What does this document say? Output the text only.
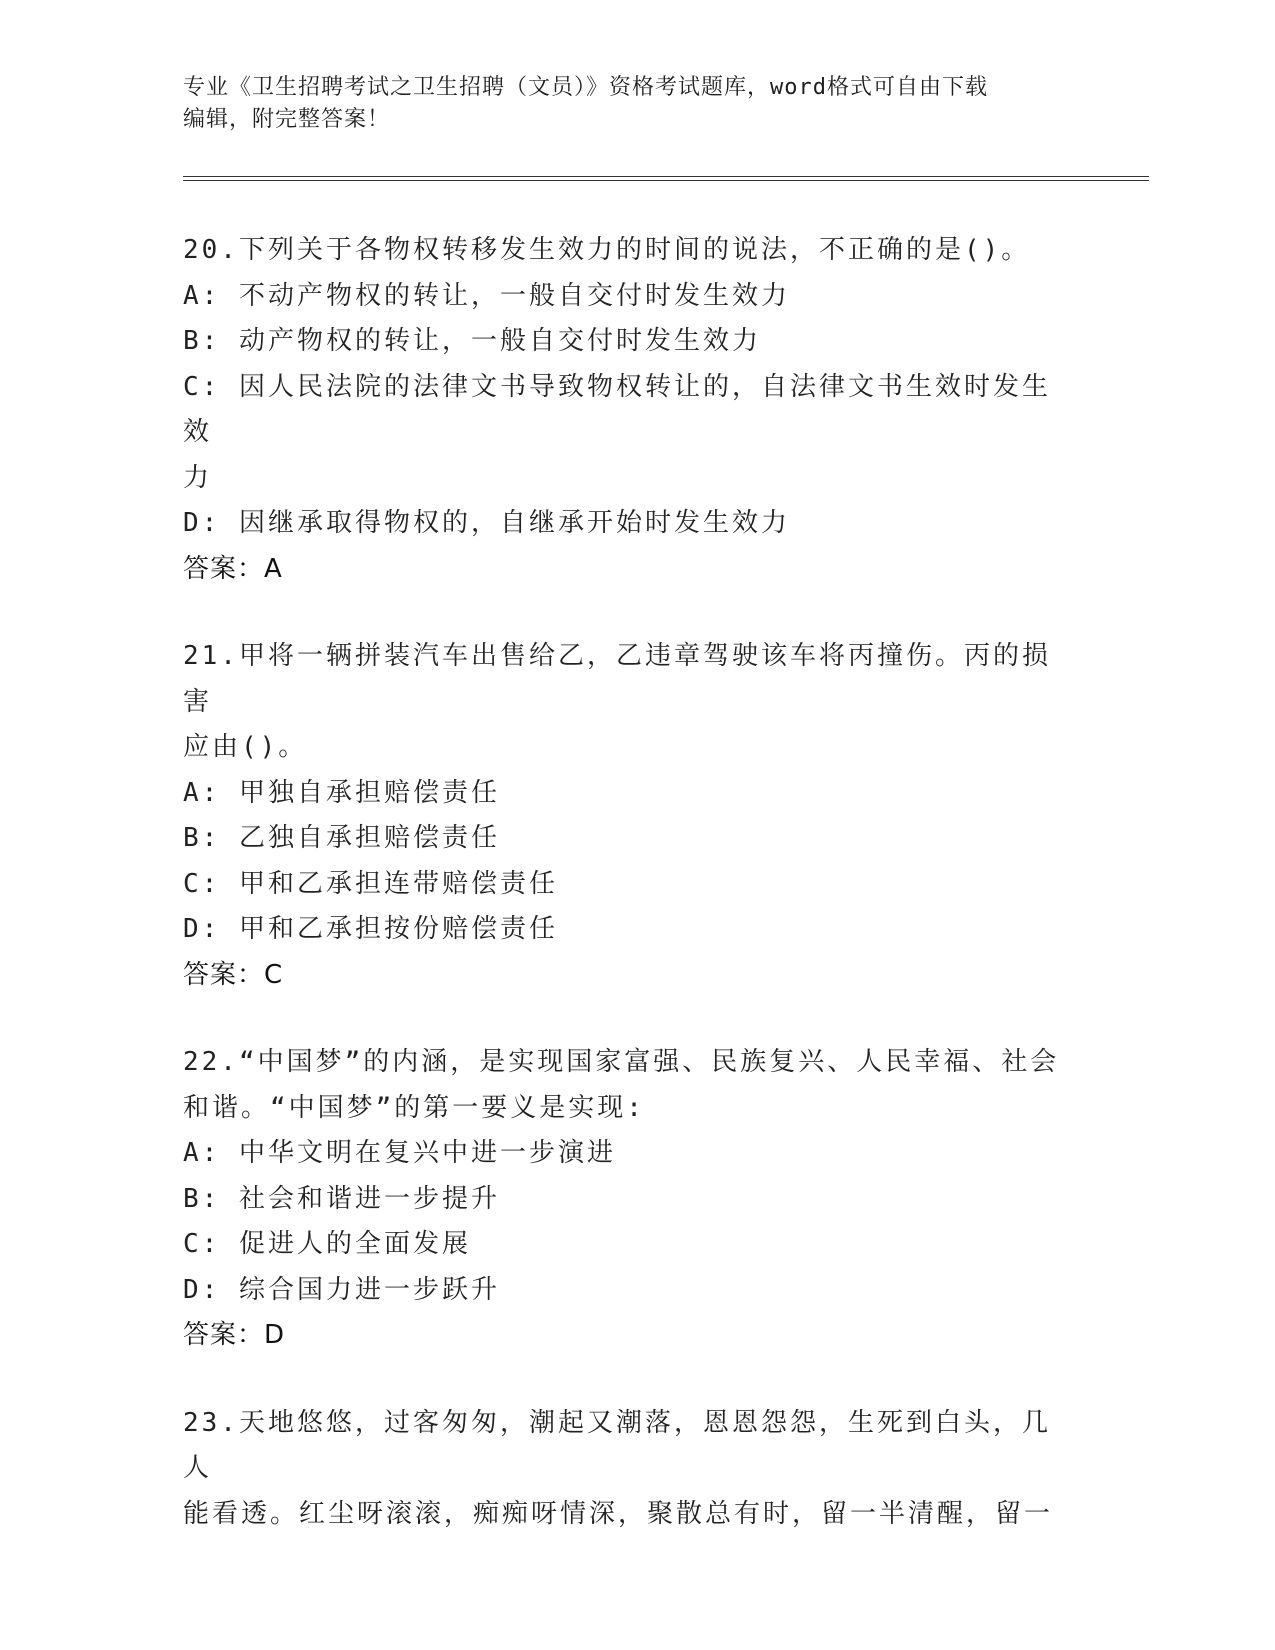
专业《卫生招聘考试之卫生招聘（文员）》资格考试题库，word格式可自由下载
编辑，附完整答案！
20.下列关于各物权转移发生效力的时间的说法，不正确的是()。
A: 不动产物权的转让，一般自交付时发生效力
B: 动产物权的转让，一般自交付时发生效力
C: 因人民法院的法律文书导致物权转让的，自法律文书生效时发生效
力
D: 因继承取得物权的，自继承开始时发生效力
答案：A
21.甲将一辆拼装汽车出售给乙，乙违章驾驶该车将丙撞伤。丙的损害
应由()。
A: 甲独自承担赔偿责任
B: 乙独自承担赔偿责任
C: 甲和乙承担连带赔偿责任
D: 甲和乙承担按份赔偿责任
答案：C
22.“中国梦”的内涵，是实现国家富强、民族复兴、人民幸福、社会
和谐。“中国梦”的第一要义是实现:
A: 中华文明在复兴中进一步演进
B: 社会和谐进一步提升
C: 促进人的全面发展
D: 综合国力进一步跃升
答案：D
23.天地悠悠，过客匆匆，潮起又潮落，恩恩怨怨，生死到白头，几人
能看透。红尘呀滚滚，痴痴呀情深，聚散总有时，留一半清醒，留一
